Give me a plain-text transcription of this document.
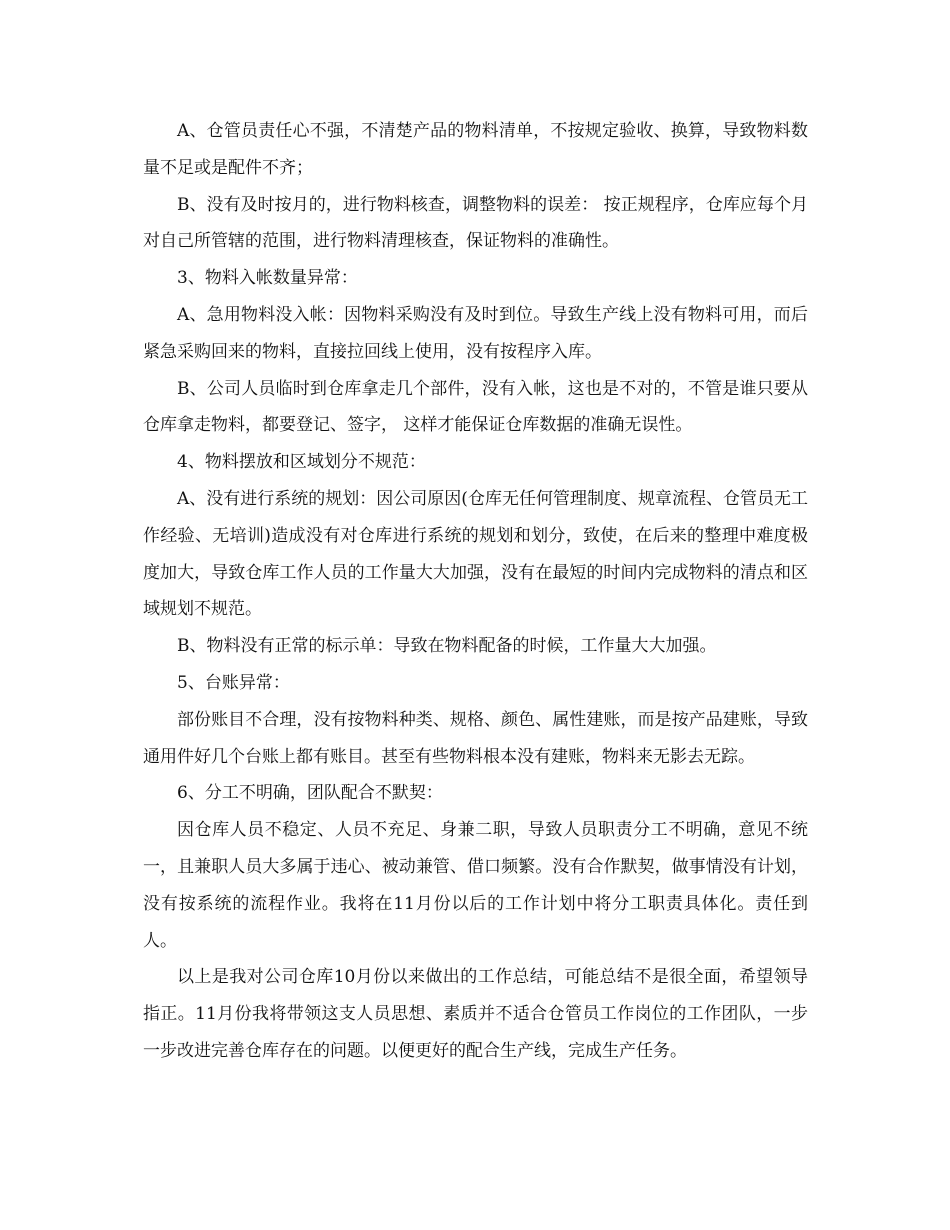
A、仓管员责任心不强，不清楚产品的物料清单，不按规定验收、换算，导致物料数量不足或是配件不齐；

B、没有及时按月的，进行物料核查，调整物料的误差： 按正规程序，仓库应每个月对自己所管辖的范围，进行物料清理核查，保证物料的准确性。

3、物料入帐数量异常：

A、急用物料没入帐：因物料采购没有及时到位。导致生产线上没有物料可用，而后紧急采购回来的物料，直接拉回线上使用，没有按程序入库。

B、公司人员临时到仓库拿走几个部件，没有入帐，这也是不对的，不管是谁只要从仓库拿走物料，都要登记、签字， 这样才能保证仓库数据的准确无误性。

4、物料摆放和区域划分不规范：

A、没有进行系统的规划：因公司原因(仓库无任何管理制度、规章流程、仓管员无工作经验、无培训)造成没有对仓库进行系统的规划和划分，致使，在后来的整理中难度极度加大，导致仓库工作人员的工作量大大加强，没有在最短的时间内完成物料的清点和区域规划不规范。

B、物料没有正常的标示单：导致在物料配备的时候，工作量大大加强。

5、台账异常：

部份账目不合理，没有按物料种类、规格、颜色、属性建账，而是按产品建账，导致通用件好几个台账上都有账目。甚至有些物料根本没有建账，物料来无影去无踪。

6、分工不明确，团队配合不默契：

因仓库人员不稳定、人员不充足、身兼二职，导致人员职责分工不明确，意见不统一，且兼职人员大多属于违心、被动兼管、借口频繁。没有合作默契，做事情没有计划，没有按系统的流程作业。我将在11月份以后的工作计划中将分工职责具体化。责任到人。

以上是我对公司仓库10月份以来做出的工作总结，可能总结不是很全面，希望领导指正。11月份我将带领这支人员思想、素质并不适合仓管员工作岗位的工作团队，一步一步改进完善仓库存在的问题。以便更好的配合生产线，完成生产任务。
